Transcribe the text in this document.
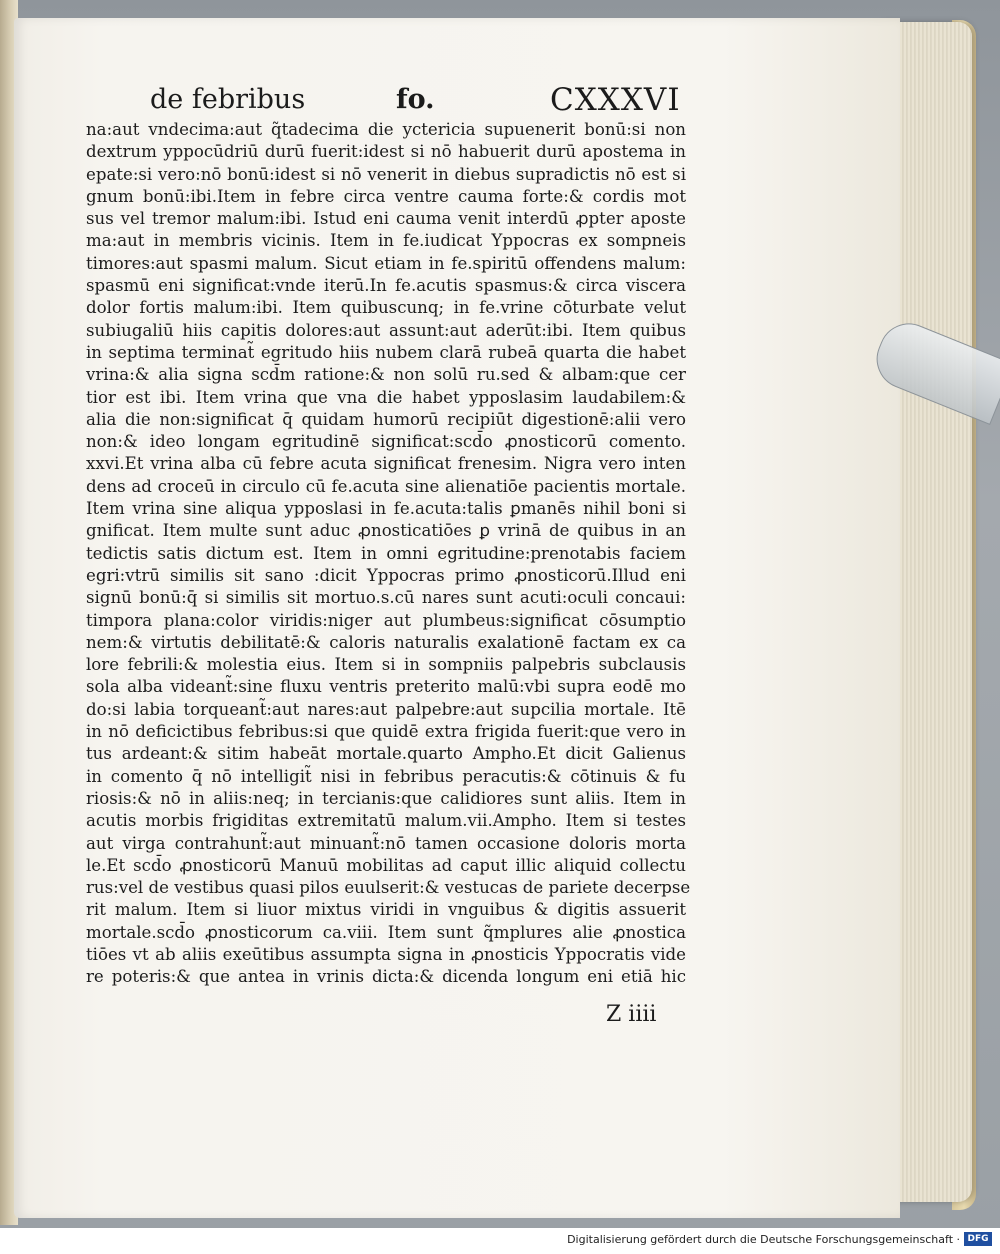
de febribus	fo.	CXXXVI
na:aut vndecima:aut q̃tadecima die yctericia supuenerit bonū:si non
dextrum yppocūdriū durū fuerit:idest si nō habuerit durū apostema in
epate:si vero:nō bonū:idest si nō venerit in diebus supradictis nō est si
gnum bonū:ibi.Item in febre circa ventre cauma forte:& cordis mot
sus vel tremor malum:ibi. Istud eni cauma venit interdū ꝓpter aposte
ma:aut in membris vicinis. Item in fe.iudicat Yppocras ex sompneis
timores:aut spasmi malum. Sicut etiam in fe.spiritū offendens malum:
spasmū eni significat:vnde iterū.In fe.acutis spasmus:& circa viscera
dolor fortis malum:ibi. Item quibuscunq; in fe.vrine cōturbate velut
subiugaliū hiis capitis dolores:aut assunt:aut aderūt:ibi. Item quibus
in septima terminat̃ egritudo hiis nubem clarā rubeā quarta die habet
vrina:& alia signa scd̄m ratione:& non solū ru.sed & albam:que cer
tior est ibi. Item vrina que vna die habet ypposlasim laudabilem:&
alia die non:significat q̄ quidam humorū recipiūt digestionē:alii vero
non:& ideo longam egritudinē significat:scd̄o ꝓnosticorū comento.
xxvi.Et vrina alba cū febre acuta significat frenesim. Nigra vero inten
dens ad croceū in circulo cū fe.acuta sine alienatiōe pacientis mortale.
Item vrina sine aliqua ypposlasi in fe.acuta:talis ꝑmanēs nihil boni si
gnificat. Item multe sunt aduc ꝓnosticatiōes ꝑ vrinā de quibus in an
tedictis satis dictum est. Item in omni egritudine:prenotabis faciem
egri:vtrū similis sit sano :dicit Yppocras primo ꝓnosticorū.Illud eni
signū bonū:q̄ si similis sit mortuo.s.cū nares sunt acuti:oculi concaui:
timpora plana:color viridis:niger aut plumbeus:significat cōsumptio
nem:& virtutis debilitatē:& caloris naturalis exalationē factam ex ca
lore febrili:& molestia eius. Item si in sompniis palpebris subclausis
sola alba videant̃:sine fluxu ventris preterito malū:vbi supra eodē mo
do:si labia torqueant̃:aut nares:aut palpebre:aut supcilia mortale. Itē
in nō deficictibus febribus:si que quidē extra frigida fuerit:que vero in
tus ardeant:& sitim habeāt mortale.quarto Ampho.Et dicit Galienus
in comento q̄ nō intelligit̃ nisi in febribus peracutis:& cōtinuis & fu
riosis:& nō in aliis:neq; in tercianis:que calidiores sunt aliis. Item in
acutis morbis frigiditas extremitatū malum.vii.Ampho. Item si testes
aut virga contrahunt̃:aut minuant̃:nō tamen occasione doloris morta
le.Et scd̄o ꝓnosticorū Manuū mobilitas ad caput illic aliquid collectu
rus:vel de vestibus quasi pilos euulserit:& vestucas de pariete decerpse
rit malum. Item si liuor mixtus viridi in vnguibus & digitis assuerit
mortale.scd̄o ꝓnosticorum ca.viii. Item sunt q̃mplures alie ꝓnostica
tiōes vt ab aliis exeūtibus assumpta signa in ꝓnosticis Yppocratis vide
re poteris:& que antea in vrinis dicta:& dicenda longum eni etiā hic
Z iiii
Digitalisierung gefördert durch die Deutsche Forschungsgemeinschaft · DFG
